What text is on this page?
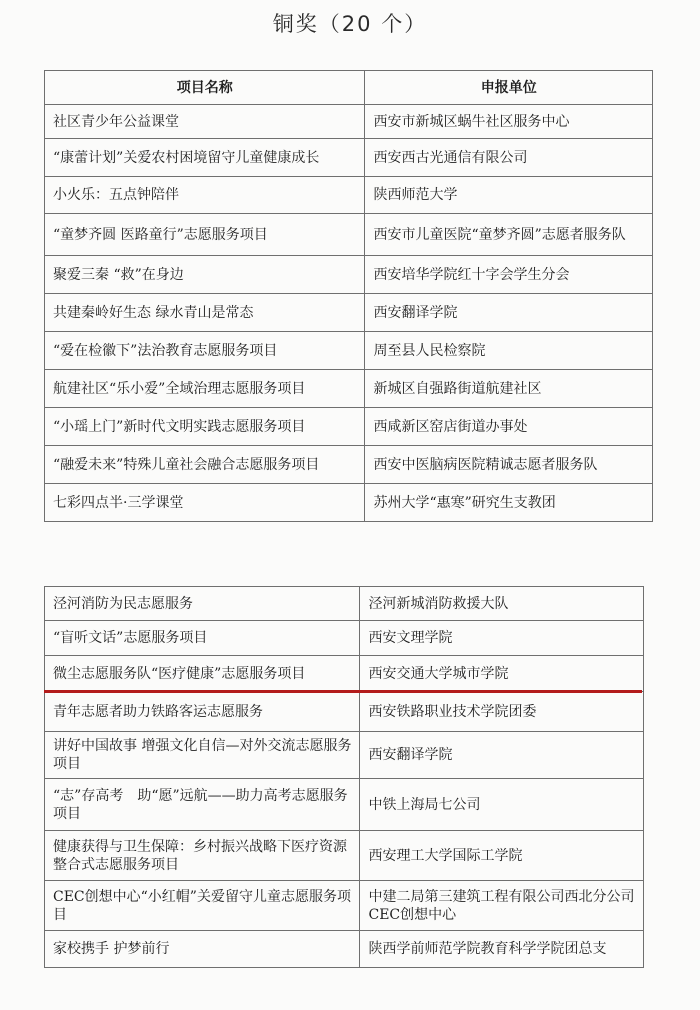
铜奖（20 个）
项目名称	申报单位
社区青少年公益课堂	西安市新城区蜗牛社区服务中心
“康蕾计划”关爱农村困境留守儿童健康成长	西安西古光通信有限公司
小火乐：五点钟陪伴	陕西师范大学
“童梦齐圆 医路童行”志愿服务项目	西安市儿童医院“童梦齐圆”志愿者服务队
聚爱三秦 “救”在身边	西安培华学院红十字会学生分会
共建秦岭好生态 绿水青山是常态	西安翻译学院
“爱在检徽下”法治教育志愿服务项目	周至县人民检察院
航建社区“乐小爱”全域治理志愿服务项目	新城区自强路街道航建社区
“小瑶上门”新时代文明实践志愿服务项目	西咸新区窑店街道办事处
“融爱未来”特殊儿童社会融合志愿服务项目	西安中医脑病医院精诚志愿者服务队
七彩四点半·三学课堂	苏州大学“惠寒”研究生支教团
泾河消防为民志愿服务	泾河新城消防救援大队
“盲听文话”志愿服务项目	西安文理学院
微尘志愿服务队“医疗健康”志愿服务项目	西安交通大学城市学院
青年志愿者助力铁路客运志愿服务	西安铁路职业技术学院团委
讲好中国故事 增强文化自信—对外交流志愿服务项目	西安翻译学院
“志”存高考　助“愿”远航——助力高考志愿服务项目	中铁上海局七公司
健康获得与卫生保障：乡村振兴战略下医疗资源整合式志愿服务项目	西安理工大学国际工学院
CEC创想中心“小红帽”关爱留守儿童志愿服务项目	中建二局第三建筑工程有限公司西北分公司CEC创想中心
家校携手 护梦前行	陕西学前师范学院教育科学学院团总支
